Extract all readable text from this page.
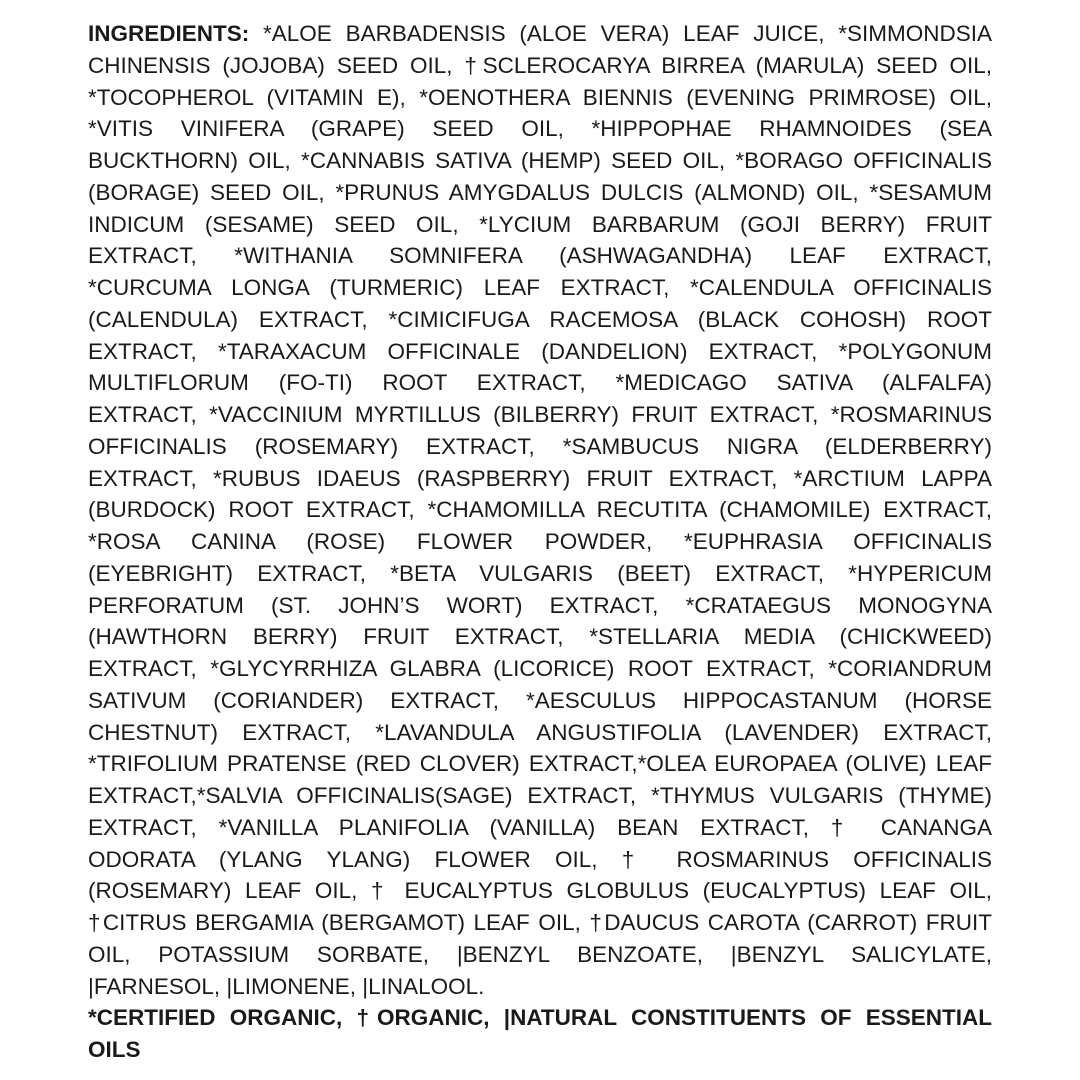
INGREDIENTS: *ALOE BARBADENSIS (ALOE VERA) LEAF JUICE, *SIMMONDSIA
CHINENSIS (JOJOBA) SEED OIL, †SCLEROCARYA BIRREA (MARULA) SEED OIL,
*TOCOPHEROL (VITAMIN E), *OENOTHERA BIENNIS (EVENING PRIMROSE) OIL,
*VITIS VINIFERA (GRAPE) SEED OIL, *HIPPOPHAE RHAMNOIDES (SEA
BUCKTHORN) OIL, *CANNABIS SATIVA (HEMP) SEED OIL, *BORAGO OFFICINALIS
(BORAGE) SEED OIL, *PRUNUS AMYGDALUS DULCIS (ALMOND) OIL, *SESAMUM
INDICUM (SESAME) SEED OIL, *LYCIUM BARBARUM (GOJI BERRY) FRUIT
EXTRACT, *WITHANIA SOMNIFERA (ASHWAGANDHA) LEAF EXTRACT,
*CURCUMA LONGA (TURMERIC) LEAF EXTRACT, *CALENDULA OFFICINALIS
(CALENDULA) EXTRACT, *CIMICIFUGA RACEMOSA (BLACK COHOSH) ROOT
EXTRACT, *TARAXACUM OFFICINALE (DANDELION) EXTRACT, *POLYGONUM
MULTIFLORUM (FO-TI) ROOT EXTRACT, *MEDICAGO SATIVA (ALFALFA)
EXTRACT, *VACCINIUM MYRTILLUS (BILBERRY) FRUIT EXTRACT, *ROSMARINUS
OFFICINALIS (ROSEMARY) EXTRACT, *SAMBUCUS NIGRA (ELDERBERRY)
EXTRACT, *RUBUS IDAEUS (RASPBERRY) FRUIT EXTRACT, *ARCTIUM LAPPA
(BURDOCK) ROOT EXTRACT, *CHAMOMILLA RECUTITA (CHAMOMILE) EXTRACT,
*ROSA CANINA (ROSE) FLOWER POWDER, *EUPHRASIA OFFICINALIS
(EYEBRIGHT) EXTRACT, *BETA VULGARIS (BEET) EXTRACT, *HYPERICUM
PERFORATUM (ST. JOHN’S WORT) EXTRACT, *CRATAEGUS MONOGYNA
(HAWTHORN BERRY) FRUIT EXTRACT, *STELLARIA MEDIA (CHICKWEED)
EXTRACT, *GLYCYRRHIZA GLABRA (LICORICE) ROOT EXTRACT, *CORIANDRUM
SATIVUM (CORIANDER) EXTRACT, *AESCULUS HIPPOCASTANUM (HORSE
CHESTNUT) EXTRACT, *LAVANDULA ANGUSTIFOLIA (LAVENDER) EXTRACT,
*TRIFOLIUM PRATENSE (RED CLOVER) EXTRACT,*OLEA EUROPAEA (OLIVE) LEAF
EXTRACT,*SALVIA OFFICINALIS(SAGE) EXTRACT, *THYMUS VULGARIS (THYME)
EXTRACT, *VANILLA PLANIFOLIA (VANILLA) BEAN EXTRACT, † CANANGA
ODORATA (YLANG YLANG) FLOWER OIL, † ROSMARINUS OFFICINALIS
(ROSEMARY) LEAF OIL, † EUCALYPTUS GLOBULUS (EUCALYPTUS) LEAF OIL,
†CITRUS BERGAMIA (BERGAMOT) LEAF OIL, †DAUCUS CAROTA (CARROT) FRUIT
OIL, POTASSIUM SORBATE, |BENZYL BENZOATE, |BENZYL SALICYLATE,
|FARNESOL, |LIMONENE, |LINALOOL.
*CERTIFIED ORGANIC, †ORGANIC, |NATURAL CONSTITUENTS OF ESSENTIAL
OILS
